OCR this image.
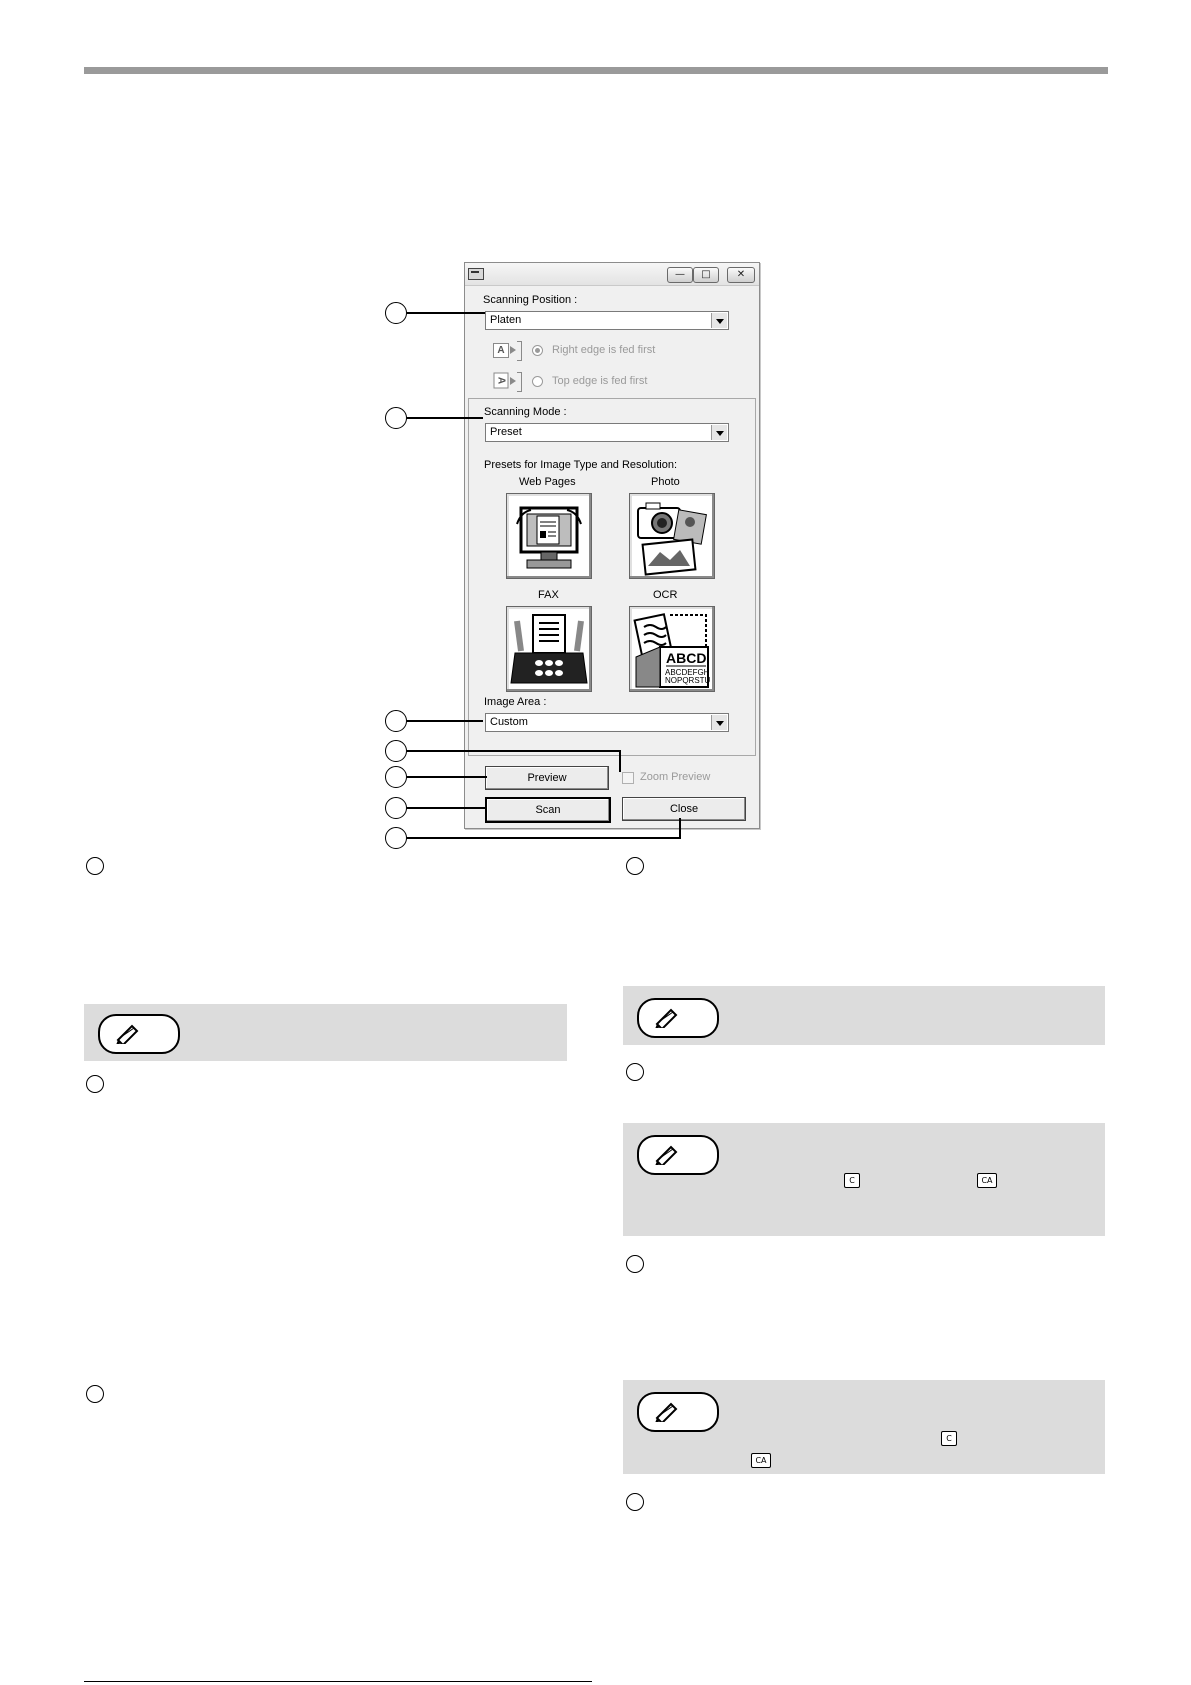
—	□	✕
Scanning Position :
Platen
A	Right edge is fed first
A	Top edge is fed first
Scanning Mode :
Preset
Presets for Image Type and Resolution:
Web Pages	Photo
FAX	OCR
ABCD
ABCDEFGH
NOPQRSTU
Image Area :
Custom
Preview	Zoom Preview
Scan	Close
C	CA
C
CA
